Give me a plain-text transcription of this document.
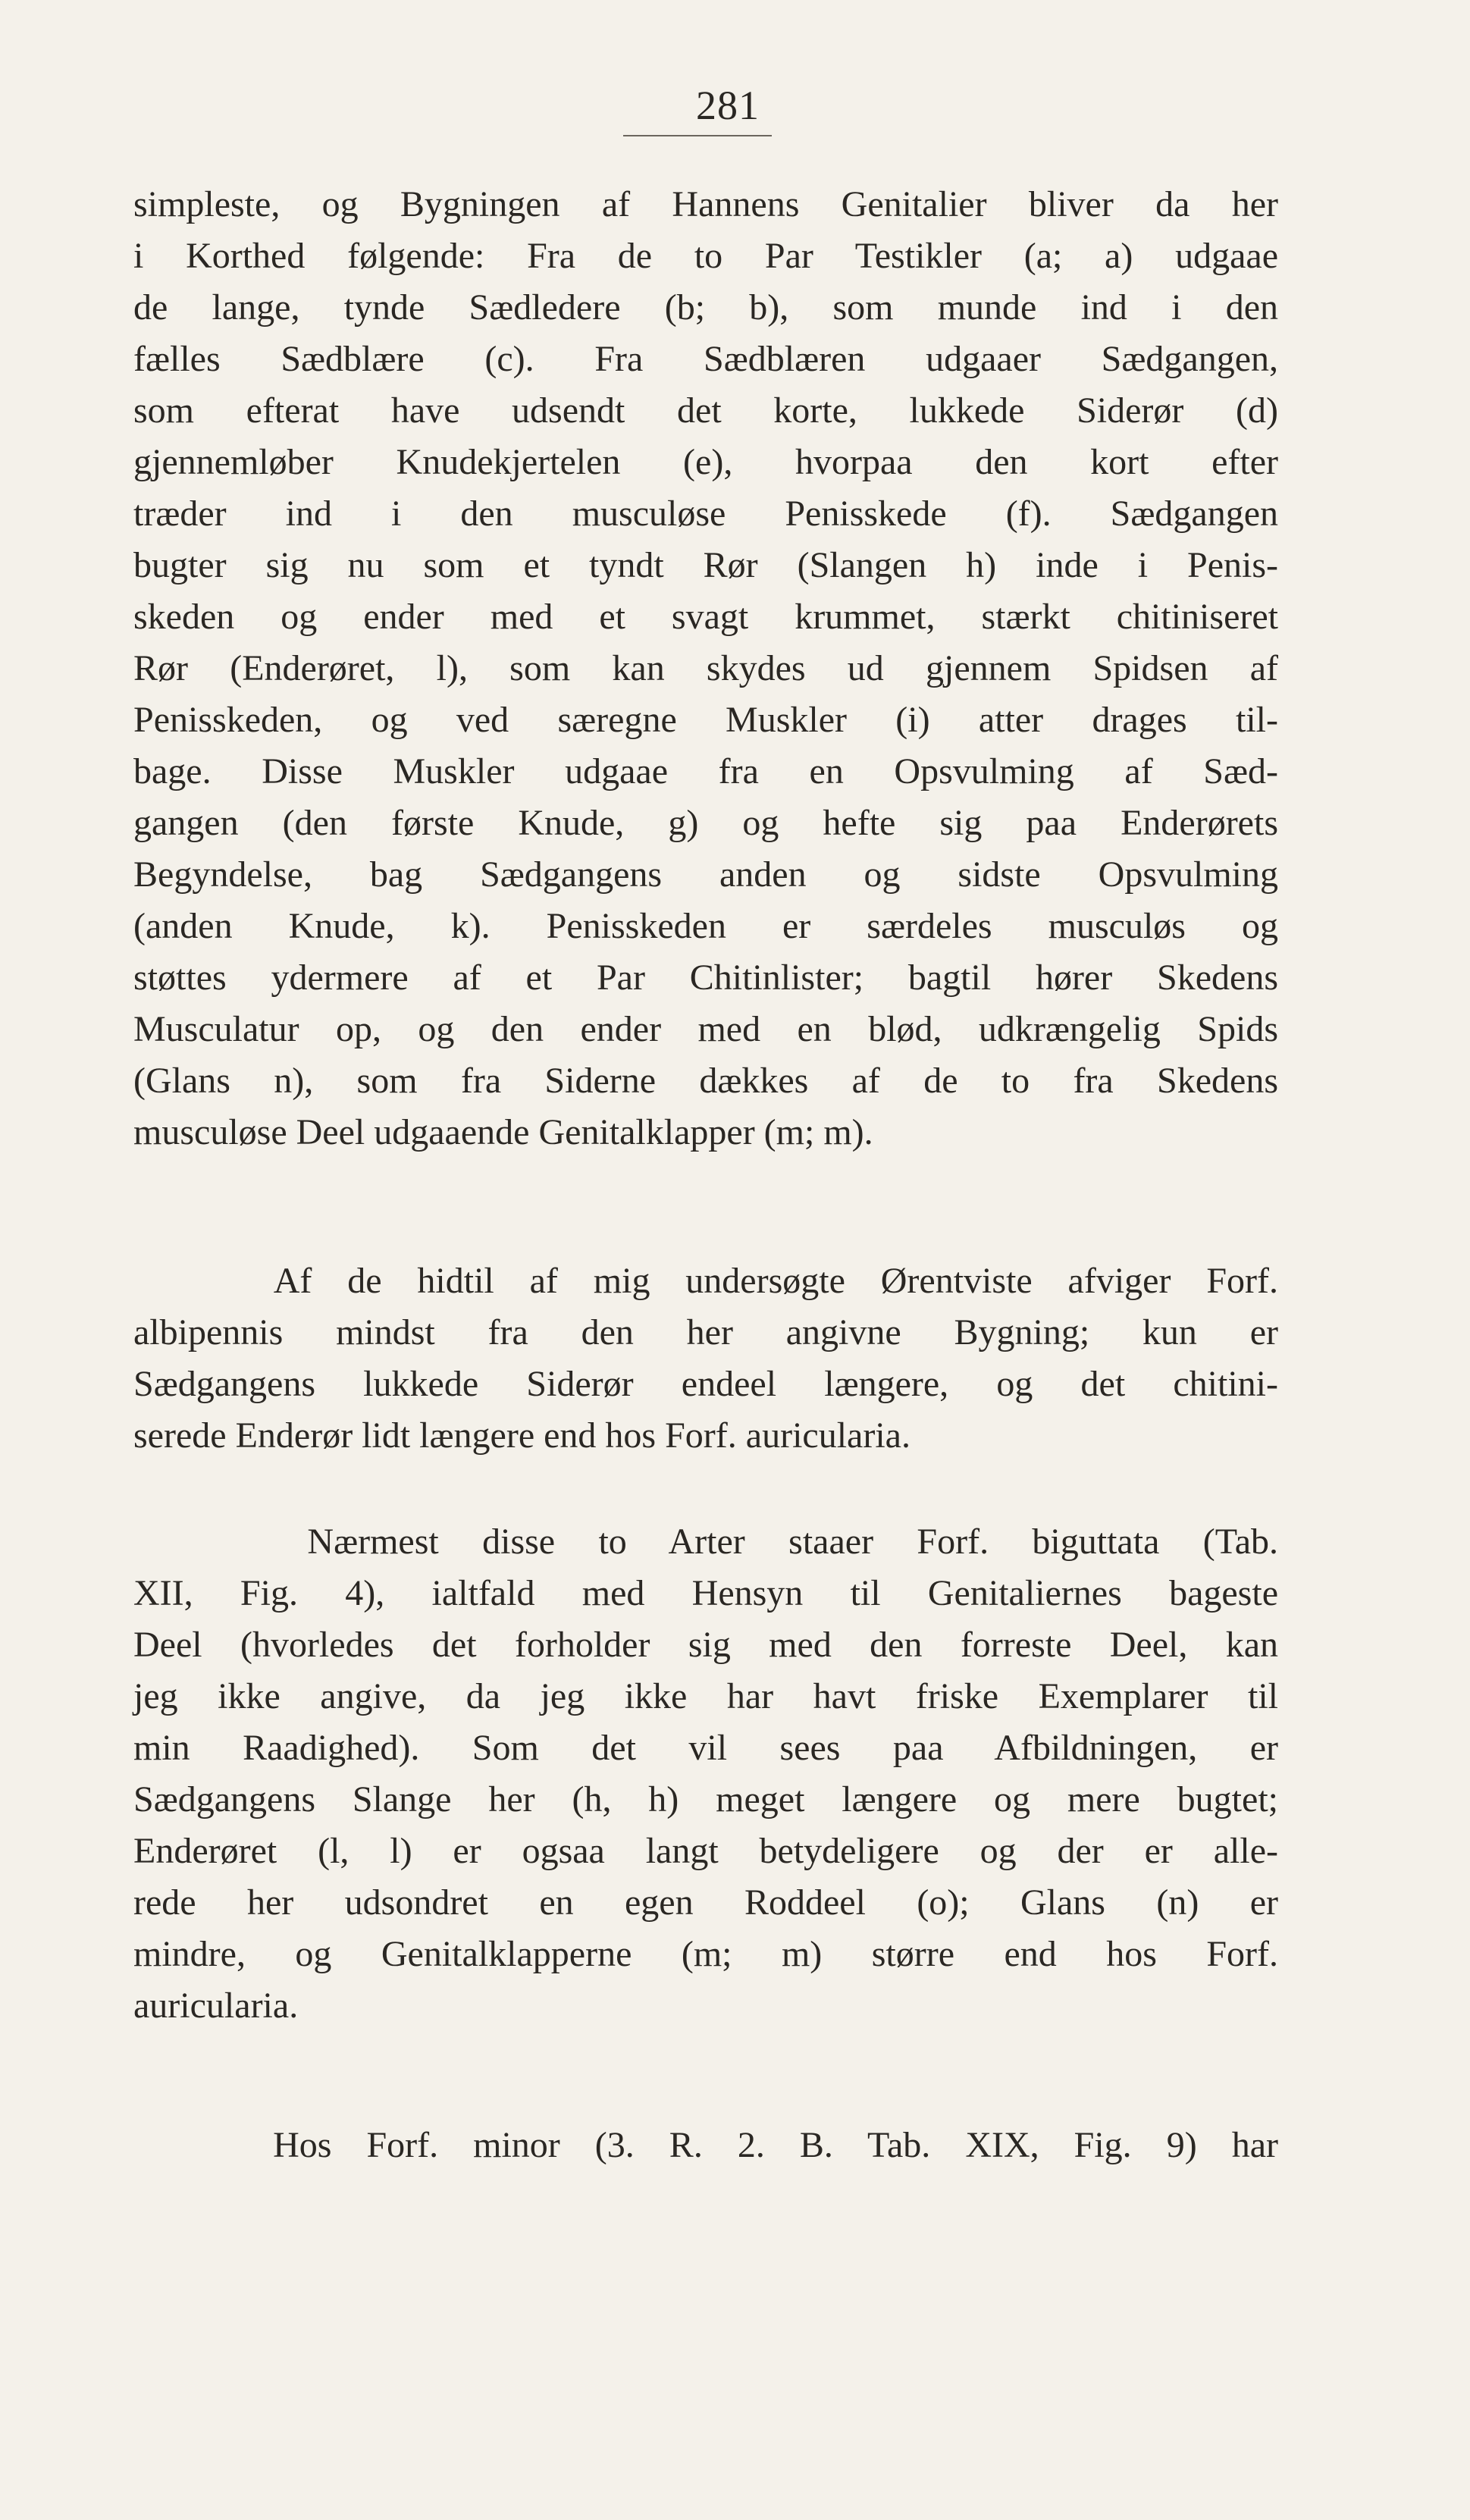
281
simpleste, og Bygningen af Hannens Genitalier bliver da her
i Korthed følgende: Fra de to Par Testikler (a; a) udgaae
de lange, tynde Sædledere (b; b), som munde ind i den
fælles Sædblære (c). Fra Sædblæren udgaaer Sædgangen,
som efterat have udsendt det korte, lukkede Siderør (d)
gjennemløber Knudekjertelen (e), hvorpaa den kort efter
træder ind i den musculøse Penisskede (f). Sædgangen
bugter sig nu som et tyndt Rør (Slangen h) inde i Penis-
skeden og ender med et svagt krummet, stærkt chitiniseret
Rør (Enderøret, l), som kan skydes ud gjennem Spidsen af
Penisskeden, og ved særegne Muskler (i) atter drages til-
bage. Disse Muskler udgaae fra en Opsvulming af Sæd-
gangen (den første Knude, g) og hefte sig paa Enderørets
Begyndelse, bag Sædgangens anden og sidste Opsvulming
(anden Knude, k). Penisskeden er særdeles musculøs og
støttes ydermere af et Par Chitinlister; bagtil hører Skedens
Musculatur op, og den ender med en blød, udkrængelig Spids
(Glans n), som fra Siderne dækkes af de to fra Skedens
musculøse Deel udgaaende Genitalklapper (m; m).
Af de hidtil af mig undersøgte Ørentviste afviger Forf.
albipennis mindst fra den her angivne Bygning; kun er
Sædgangens lukkede Siderør endeel længere, og det chitini-
serede Enderør lidt længere end hos Forf. auricularia.
Nærmest disse to Arter staaer Forf. biguttata (Tab.
XII, Fig. 4), ialtfald med Hensyn til Genitaliernes bageste
Deel (hvorledes det forholder sig med den forreste Deel, kan
jeg ikke angive, da jeg ikke har havt friske Exemplarer til
min Raadighed). Som det vil sees paa Afbildningen, er
Sædgangens Slange her (h, h) meget længere og mere bugtet;
Enderøret (l, l) er ogsaa langt betydeligere og der er alle-
rede her udsondret en egen Roddeel (o); Glans (n) er
mindre, og Genitalklapperne (m; m) større end hos Forf.
auricularia.
Hos Forf. minor (3. R. 2. B. Tab. XIX, Fig. 9) har
